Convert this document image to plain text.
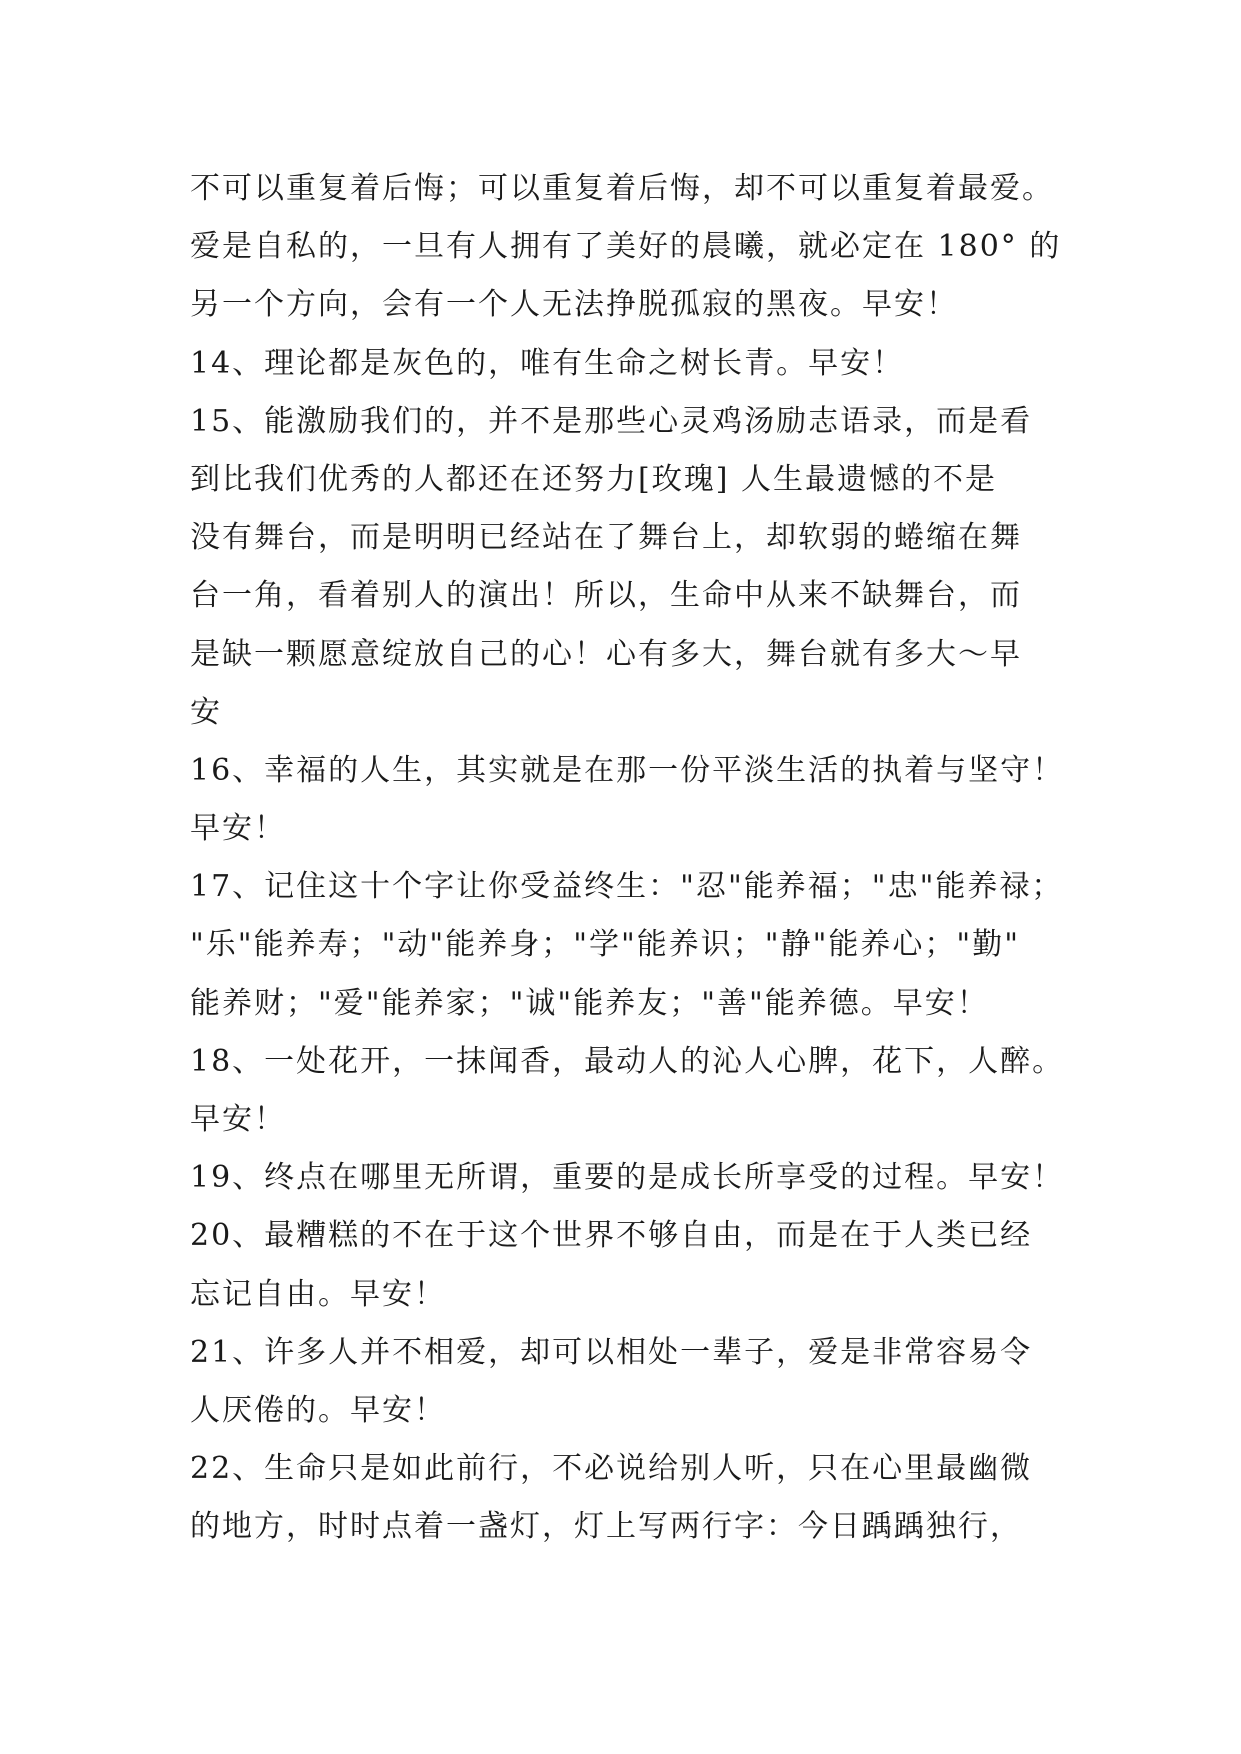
不可以重复着后悔；可以重复着后悔，却不可以重复着最爱。
爱是自私的，一旦有人拥有了美好的晨曦，就必定在 180° 的
另一个方向，会有一个人无法挣脱孤寂的黑夜。早安！
14、理论都是灰色的，唯有生命之树长青。早安！
15、能激励我们的，并不是那些心灵鸡汤励志语录，而是看
到比我们优秀的人都还在还努力[玫瑰] 人生最遗憾的不是
没有舞台，而是明明已经站在了舞台上，却软弱的蜷缩在舞
台一角，看着别人的演出！所以，生命中从来不缺舞台，而
是缺一颗愿意绽放自己的心！心有多大，舞台就有多大～早
安
16、幸福的人生，其实就是在那一份平淡生活的执着与坚守！
早安！
17、记住这十个字让你受益终生："忍"能养福；"忠"能养禄；
"乐"能养寿；"动"能养身；"学"能养识；"静"能养心；"勤"
能养财；"爱"能养家；"诚"能养友；"善"能养德。早安！
18、一处花开，一抹闻香，最动人的沁人心脾，花下，人醉。
早安！
19、终点在哪里无所谓，重要的是成长所享受的过程。早安！
20、最糟糕的不在于这个世界不够自由，而是在于人类已经
忘记自由。早安！
21、许多人并不相爱，却可以相处一辈子，爱是非常容易令
人厌倦的。早安！
22、生命只是如此前行，不必说给别人听，只在心里最幽微
的地方，时时点着一盏灯，灯上写两行字：今日踽踽独行，
